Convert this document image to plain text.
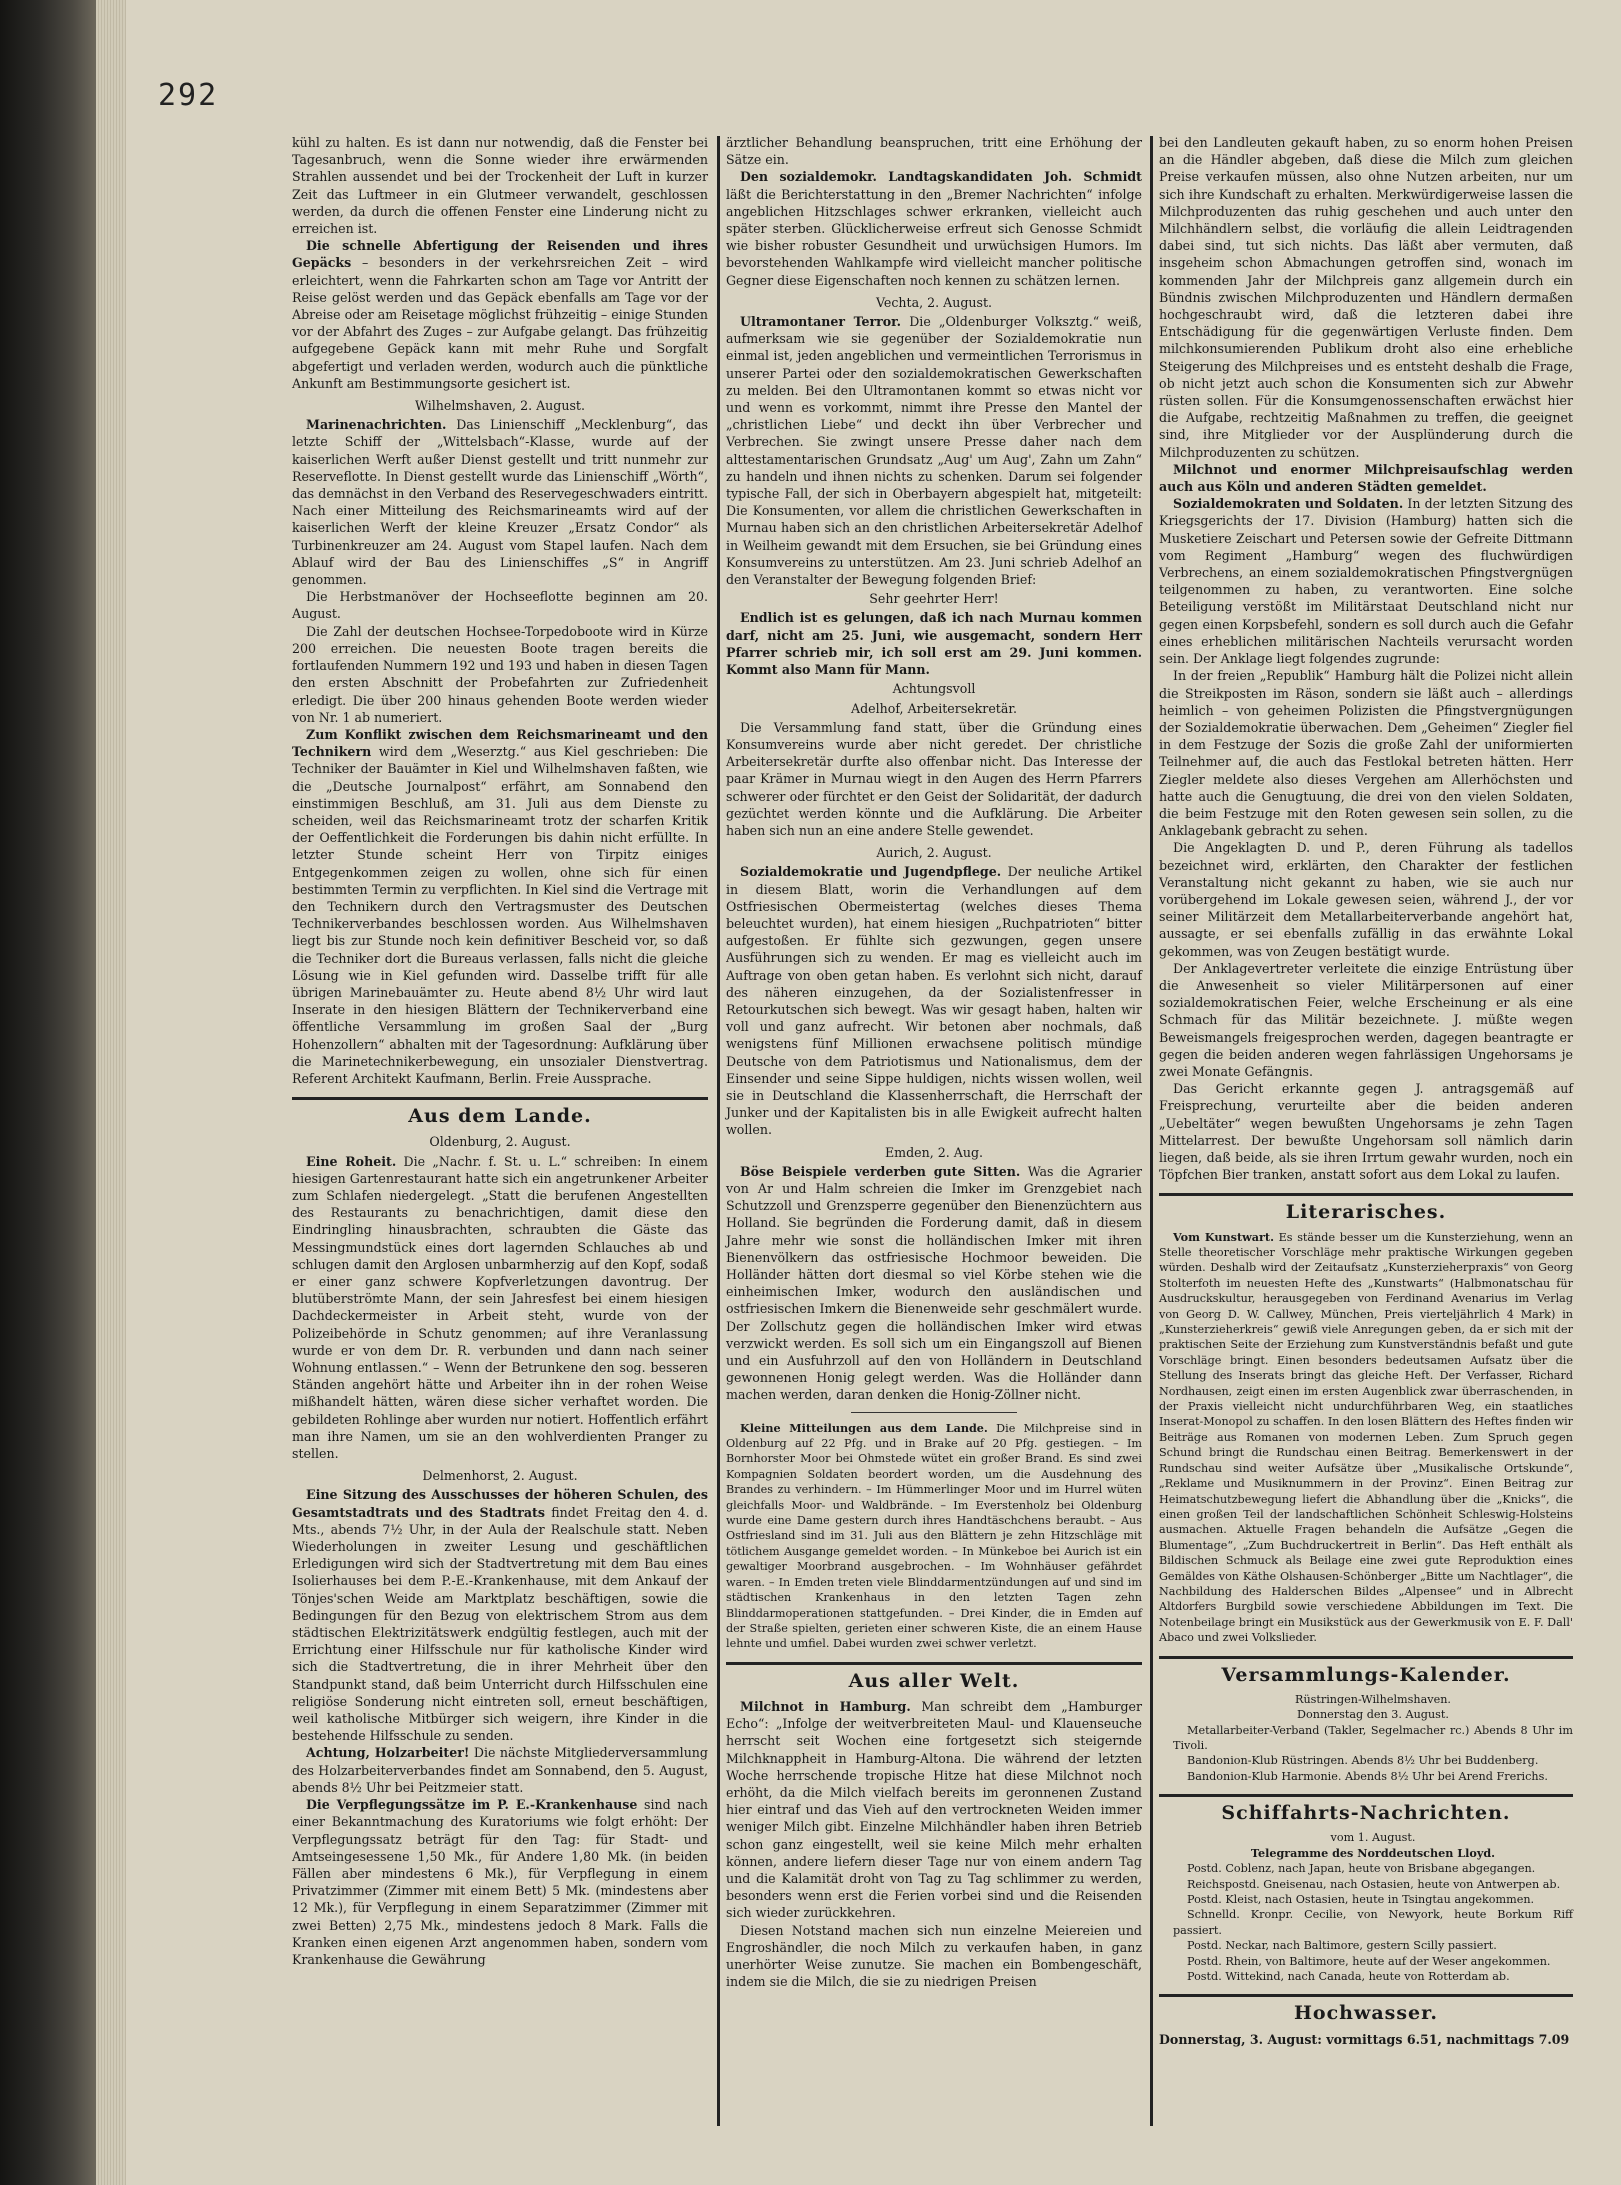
292

kühl zu halten. Es ist dann nur notwendig, daß die Fenster bei Tagesanbruch, wenn die Sonne wieder ihre erwärmenden Strahlen aussendet und bei der Trockenheit der Luft in kurzer Zeit das Luftmeer in ein Glutmeer verwandelt, geschlossen werden, da durch die offenen Fenster eine Linderung nicht zu erreichen ist.

Die schnelle Abfertigung der Reisenden und ihres Gepäcks – besonders in der verkehrsreichen Zeit – wird erleichtert, wenn die Fahrkarten schon am Tage vor Antritt der Reise gelöst werden und das Gepäck ebenfalls am Tage vor der Abreise oder am Reisetage möglichst frühzeitig – einige Stunden vor der Abfahrt des Zuges – zur Aufgabe gelangt. Das frühzeitig aufgegebene Gepäck kann mit mehr Ruhe und Sorgfalt abgefertigt und verladen werden, wodurch auch die pünktliche Ankunft am Bestimmungsorte gesichert ist.

Wilhelmshaven, 2. August.

Marinenachrichten. Das Linienschiff „Mecklenburg“, das letzte Schiff der „Wittelsbach“-Klasse, wurde auf der kaiserlichen Werft außer Dienst gestellt und tritt nunmehr zur Reserveflotte. In Dienst gestellt wurde das Linienschiff „Wörth“, das demnächst in den Verband des Reservegeschwaders eintritt. Nach einer Mitteilung des Reichsmarineamts wird auf der kaiserlichen Werft der kleine Kreuzer „Ersatz Condor“ als Turbinenkreuzer am 24. August vom Stapel laufen. Nach dem Ablauf wird der Bau des Linienschiffes „S“ in Angriff genommen.

Die Herbstmanöver der Hochseeflotte beginnen am 20. August.

Die Zahl der deutschen Hochsee-Torpedoboote wird in Kürze 200 erreichen. Die neuesten Boote tragen bereits die fortlaufenden Nummern 192 und 193 und haben in diesen Tagen den ersten Abschnitt der Probefahrten zur Zufriedenheit erledigt. Die über 200 hinaus gehenden Boote werden wieder von Nr. 1 ab numeriert.

Zum Konflikt zwischen dem Reichsmarineamt und den Technikern wird dem „Weserztg.“ aus Kiel geschrieben: Die Techniker der Bauämter in Kiel und Wilhelmshaven faßten, wie die „Deutsche Journalpost“ erfährt, am Sonnabend den einstimmigen Beschluß, am 31. Juli aus dem Dienste zu scheiden, weil das Reichsmarineamt trotz der scharfen Kritik der Oeffentlichkeit die Forderungen bis dahin nicht erfüllte. In letzter Stunde scheint Herr von Tirpitz einiges Entgegenkommen zeigen zu wollen, ohne sich für einen bestimmten Termin zu verpflichten. In Kiel sind die Vertrage mit den Technikern durch den Vertragsmuster des Deutschen Technikerverbandes beschlossen worden. Aus Wilhelmshaven liegt bis zur Stunde noch kein definitiver Bescheid vor, so daß die Techniker dort die Bureaus verlassen, falls nicht die gleiche Lösung wie in Kiel gefunden wird. Dasselbe trifft für alle übrigen Marinebauämter zu. Heute abend 8½ Uhr wird laut Inserate in den hiesigen Blättern der Technikerverband eine öffentliche Versammlung im großen Saal der „Burg Hohenzollern“ abhalten mit der Tagesordnung: Aufklärung über die Marinetechnikerbewegung, ein unsozialer Dienstvertrag. Referent Architekt Kaufmann, Berlin. Freie Aussprache.

Aus dem Lande.
Oldenburg, 2. August.

Eine Roheit. Die „Nachr. f. St. u. L.“ schreiben: In einem hiesigen Gartenrestaurant hatte sich ein angetrunkener Arbeiter zum Schlafen niedergelegt. „Statt die berufenen Angestellten des Restaurants zu benachrichtigen, damit diese den Eindringling hinausbrachten, schraubten die Gäste das Messingmundstück eines dort lagernden Schlauches ab und schlugen damit den Arglosen unbarmherzig auf den Kopf, sodaß er einer ganz schwere Kopfverletzungen davontrug. Der blutüberströmte Mann, der sein Jahresfest bei einem hiesigen Dachdeckermeister in Arbeit steht, wurde von der Polizeibehörde in Schutz genommen; auf ihre Veranlassung wurde er von dem Dr. R. verbunden und dann nach seiner Wohnung entlassen.“ – Wenn der Betrunkene den sog. besseren Ständen angehört hätte und Arbeiter ihn in der rohen Weise mißhandelt hätten, wären diese sicher verhaftet worden. Die gebildeten Rohlinge aber wurden nur notiert. Hoffentlich erfährt man ihre Namen, um sie an den wohlverdienten Pranger zu stellen.

Delmenhorst, 2. August.

Eine Sitzung des Ausschusses der höheren Schulen, des Gesamtstadtrats und des Stadtrats findet Freitag den 4. d. Mts., abends 7½ Uhr, in der Aula der Realschule statt. Neben Wiederholungen in zweiter Lesung und geschäftlichen Erledigungen wird sich der Stadtvertretung mit dem Bau eines Isolierhauses bei dem P.-E.-Krankenhause, mit dem Ankauf der Tönjes'schen Weide am Marktplatz beschäftigen, sowie die Bedingungen für den Bezug von elektrischem Strom aus dem städtischen Elektrizitätswerk endgültig festlegen, auch mit der Errichtung einer Hilfsschule nur für katholische Kinder wird sich die Stadtvertretung, die in ihrer Mehrheit über den Standpunkt stand, daß beim Unterricht durch Hilfsschulen eine religiöse Sonderung nicht eintreten soll, erneut beschäftigen, weil katholische Mitbürger sich weigern, ihre Kinder in die bestehende Hilfsschule zu senden.

Achtung, Holzarbeiter! Die nächste Mitgliederversammlung des Holzarbeiterverbandes findet am Sonnabend, den 5. August, abends 8½ Uhr bei Peitzmeier statt.

Die Verpflegungssätze im P. E.-Krankenhause sind nach einer Bekanntmachung des Kuratoriums wie folgt erhöht: Der Verpflegungssatz beträgt für den Tag: für Stadt- und Amtseingesessene 1,50 Mk., für Andere 1,80 Mk. (in beiden Fällen aber mindestens 6 Mk.), für Verpflegung in einem Privatzimmer (Zimmer mit einem Bett) 5 Mk. (mindestens aber 12 Mk.), für Verpflegung in einem Separatzimmer (Zimmer mit zwei Betten) 2,75 Mk., mindestens jedoch 8 Mark. Falls die Kranken einen eigenen Arzt angenommen haben, sondern vom Krankenhause die Gewährung

ärztlicher Behandlung beanspruchen, tritt eine Erhöhung der Sätze ein.

Den sozialdemokr. Landtagskandidaten Joh. Schmidt läßt die Berichterstattung in den „Bremer Nachrichten“ infolge angeblichen Hitzschlages schwer erkranken, vielleicht auch später sterben. Glücklicherweise erfreut sich Genosse Schmidt wie bisher robuster Gesundheit und urwüchsigen Humors. Im bevorstehenden Wahlkampfe wird vielleicht mancher politische Gegner diese Eigenschaften noch kennen zu schätzen lernen.

Vechta, 2. August.

Ultramontaner Terror. Die „Oldenburger Volksztg.“ weiß, aufmerksam wie sie gegenüber der Sozialdemokratie nun einmal ist, jeden angeblichen und vermeintlichen Terrorismus in unserer Partei oder den sozialdemokratischen Gewerkschaften zu melden. Bei den Ultramontanen kommt so etwas nicht vor und wenn es vorkommt, nimmt ihre Presse den Mantel der „christlichen Liebe“ und deckt ihn über Verbrecher und Verbrechen. Sie zwingt unsere Presse daher nach dem alttestamentarischen Grundsatz „Aug' um Aug', Zahn um Zahn“ zu handeln und ihnen nichts zu schenken. Darum sei folgender typische Fall, der sich in Oberbayern abgespielt hat, mitgeteilt: Die Konsumenten, vor allem die christlichen Gewerkschaften in Murnau haben sich an den christlichen Arbeitersekretär Adelhof in Weilheim gewandt mit dem Ersuchen, sie bei Gründung eines Konsumvereins zu unterstützen. Am 23. Juni schrieb Adelhof an den Veranstalter der Bewegung folgenden Brief:

Sehr geehrter Herr!

Endlich ist es gelungen, daß ich nach Murnau kommen darf, nicht am 25. Juni, wie ausgemacht, sondern Herr Pfarrer schrieb mir, ich soll erst am 29. Juni kommen. Kommt also Mann für Mann.

Achtungsvoll
Adelhof, Arbeitersekretär.

Die Versammlung fand statt, über die Gründung eines Konsumvereins wurde aber nicht geredet. Der christliche Arbeitersekretär durfte also offenbar nicht. Das Interesse der paar Krämer in Murnau wiegt in den Augen des Herrn Pfarrers schwerer oder fürchtet er den Geist der Solidarität, der dadurch gezüchtet werden könnte und die Aufklärung. Die Arbeiter haben sich nun an eine andere Stelle gewendet.

Aurich, 2. August.

Sozialdemokratie und Jugendpflege. Der neuliche Artikel in diesem Blatt, worin die Verhandlungen auf dem Ostfriesischen Obermeistertag (welches dieses Thema beleuchtet wurden), hat einem hiesigen „Ruchpatrioten“ bitter aufgestoßen. Er fühlte sich gezwungen, gegen unsere Ausführungen sich zu wenden. Er mag es vielleicht auch im Auftrage von oben getan haben. Es verlohnt sich nicht, darauf des näheren einzugehen, da der Sozialistenfresser in Retourkutschen sich bewegt. Was wir gesagt haben, halten wir voll und ganz aufrecht. Wir betonen aber nochmals, daß wenigstens fünf Millionen erwachsene politisch mündige Deutsche von dem Patriotismus und Nationalismus, dem der Einsender und seine Sippe huldigen, nichts wissen wollen, weil sie in Deutschland die Klassenherrschaft, die Herrschaft der Junker und der Kapitalisten bis in alle Ewigkeit aufrecht halten wollen.

Emden, 2. Aug.

Böse Beispiele verderben gute Sitten. Was die Agrarier von Ar und Halm schreien die Imker im Grenzgebiet nach Schutzzoll und Grenzsperre gegenüber den Bienenzüchtern aus Holland. Sie begründen die Forderung damit, daß in diesem Jahre mehr wie sonst die holländischen Imker mit ihren Bienenvölkern das ostfriesische Hochmoor beweiden. Die Holländer hätten dort diesmal so viel Körbe stehen wie die einheimischen Imker, wodurch den ausländischen und ostfriesischen Imkern die Bienenweide sehr geschmälert wurde. Der Zollschutz gegen die holländischen Imker wird etwas verzwickt werden. Es soll sich um ein Eingangszoll auf Bienen und ein Ausfuhrzoll auf den von Holländern in Deutschland gewonnenen Honig gelegt werden. Was die Holländer dann machen werden, daran denken die Honig-Zöllner nicht.

Kleine Mitteilungen aus dem Lande. Die Milchpreise sind in Oldenburg auf 22 Pfg. und in Brake auf 20 Pfg. gestiegen. – Im Bornhorster Moor bei Ohmstede wütet ein großer Brand. Es sind zwei Kompagnien Soldaten beordert worden, um die Ausdehnung des Brandes zu verhindern. – Im Hümmerlinger Moor und im Hurrel wüten gleichfalls Moor- und Waldbrände. – Im Everstenholz bei Oldenburg wurde eine Dame gestern durch ihres Handtäschchens beraubt. – Aus Ostfriesland sind im 31. Juli aus den Blättern je zehn Hitzschläge mit tötlichem Ausgange gemeldet worden. – In Münkeboe bei Aurich ist ein gewaltiger Moorbrand ausgebrochen. – Im Wohnhäuser gefährdet waren. – In Emden treten viele Blinddarmentzündungen auf und sind im städtischen Krankenhaus in den letzten Tagen zehn Blinddarmoperationen stattgefunden. – Drei Kinder, die in Emden auf der Straße spielten, gerieten einer schweren Kiste, die an einem Hause lehnte und umfiel. Dabei wurden zwei schwer verletzt.

Aus aller Welt.

Milchnot in Hamburg. Man schreibt dem „Hamburger Echo“: „Infolge der weitverbreiteten Maul- und Klauenseuche herrscht seit Wochen eine fortgesetzt sich steigernde Milchknappheit in Hamburg-Altona. Die während der letzten Woche herrschende tropische Hitze hat diese Milchnot noch erhöht, da die Milch vielfach bereits im geronnenen Zustand hier eintraf und das Vieh auf den vertrockneten Weiden immer weniger Milch gibt. Einzelne Milchhändler haben ihren Betrieb schon ganz eingestellt, weil sie keine Milch mehr erhalten können, andere liefern dieser Tage nur von einem andern Tag und die Kalamität droht von Tag zu Tag schlimmer zu werden, besonders wenn erst die Ferien vorbei sind und die Reisenden sich wieder zurückkehren.

Diesen Notstand machen sich nun einzelne Meiereien und Engroshändler, die noch Milch zu verkaufen haben, in ganz unerhörter Weise zunutze. Sie machen ein Bombengeschäft, indem sie die Milch, die sie zu niedrigen Preisen

bei den Landleuten gekauft haben, zu so enorm hohen Preisen an die Händler abgeben, daß diese die Milch zum gleichen Preise verkaufen müssen, also ohne Nutzen arbeiten, nur um sich ihre Kundschaft zu erhalten. Merkwürdigerweise lassen die Milchproduzenten das ruhig geschehen und auch unter den Milchhändlern selbst, die vorläufig die allein Leidtragenden dabei sind, tut sich nichts. Das läßt aber vermuten, daß insgeheim schon Abmachungen getroffen sind, wonach im kommenden Jahr der Milchpreis ganz allgemein durch ein Bündnis zwischen Milchproduzenten und Händlern dermaßen hochgeschraubt wird, daß die letzteren dabei ihre Entschädigung für die gegenwärtigen Verluste finden. Dem milchkonsumierenden Publikum droht also eine erhebliche Steigerung des Milchpreises und es entsteht deshalb die Frage, ob nicht jetzt auch schon die Konsumenten sich zur Abwehr rüsten sollen. Für die Konsumgenossenschaften erwächst hier die Aufgabe, rechtzeitig Maßnahmen zu treffen, die geeignet sind, ihre Mitglieder vor der Ausplünderung durch die Milchproduzenten zu schützen.

Milchnot und enormer Milchpreisaufschlag werden auch aus Köln und anderen Städten gemeldet.

Sozialdemokraten und Soldaten. In der letzten Sitzung des Kriegsgerichts der 17. Division (Hamburg) hatten sich die Musketiere Zeischart und Petersen sowie der Gefreite Dittmann vom Regiment „Hamburg“ wegen des fluchwürdigen Verbrechens, an einem sozialdemokratischen Pfingstvergnügen teilgenommen zu haben, zu verantworten. Eine solche Beteiligung verstößt im Militärstaat Deutschland nicht nur gegen einen Korpsbefehl, sondern es soll durch auch die Gefahr eines erheblichen militärischen Nachteils verursacht worden sein. Der Anklage liegt folgendes zugrunde:

In der freien „Republik“ Hamburg hält die Polizei nicht allein die Streikposten im Räson, sondern sie läßt auch – allerdings heimlich – von geheimen Polizisten die Pfingstvergnügungen der Sozialdemokratie überwachen. Dem „Geheimen“ Ziegler fiel in dem Festzuge der Sozis die große Zahl der uniformierten Teilnehmer auf, die auch das Festlokal betreten hätten. Herr Ziegler meldete also dieses Vergehen am Allerhöchsten und hatte auch die Genugtuung, die drei von den vielen Soldaten, die beim Festzuge mit den Roten gewesen sein sollen, zu die Anklagebank gebracht zu sehen.

Die Angeklagten D. und P., deren Führung als tadellos bezeichnet wird, erklärten, den Charakter der festlichen Veranstaltung nicht gekannt zu haben, wie sie auch nur vorübergehend im Lokale gewesen seien, während J., der vor seiner Militärzeit dem Metallarbeiterverbande angehört hat, aussagte, er sei ebenfalls zufällig in das erwähnte Lokal gekommen, was von Zeugen bestätigt wurde.

Der Anklagevertreter verleitete die einzige Entrüstung über die Anwesenheit so vieler Militärpersonen auf einer sozialdemokratischen Feier, welche Erscheinung er als eine Schmach für das Militär bezeichnete. J. müßte wegen Beweismangels freigesprochen werden, dagegen beantragte er gegen die beiden anderen wegen fahrlässigen Ungehorsams je zwei Monate Gefängnis.

Das Gericht erkannte gegen J. antragsgemäß auf Freisprechung, verurteilte aber die beiden anderen „Uebeltäter“ wegen bewußten Ungehorsams je zehn Tagen Mittelarrest. Der bewußte Ungehorsam soll nämlich darin liegen, daß beide, als sie ihren Irrtum gewahr wurden, noch ein Töpfchen Bier tranken, anstatt sofort aus dem Lokal zu laufen.

Literarisches.

Vom Kunstwart. Es stände besser um die Kunsterziehung, wenn an Stelle theoretischer Vorschläge mehr praktische Wirkungen gegeben würden. Deshalb wird der Zeitaufsatz „Kunsterzieherpraxis“ von Georg Stolterfoth im neuesten Hefte des „Kunstwarts“ (Halbmonatschau für Ausdruckskultur, herausgegeben von Ferdinand Avenarius im Verlag von Georg D. W. Callwey, München, Preis vierteljährlich 4 Mark) in „Kunsterzieherkreis“ gewiß viele Anregungen geben, da er sich mit der praktischen Seite der Erziehung zum Kunstverständnis befaßt und gute Vorschläge bringt. Einen besonders bedeutsamen Aufsatz über die Stellung des Inserats bringt das gleiche Heft. Der Verfasser, Richard Nordhausen, zeigt einen im ersten Augenblick zwar überraschenden, in der Praxis vielleicht nicht undurchführbaren Weg, ein staatliches Inserat-Monopol zu schaffen. In den losen Blättern des Heftes finden wir Beiträge aus Romanen von modernen Leben. Zum Spruch gegen Schund bringt die Rundschau einen Beitrag. Bemerkenswert in der Rundschau sind weiter Aufsätze über „Musikalische Ortskunde“, „Reklame und Musiknummern in der Provinz“. Einen Beitrag zur Heimatschutzbewegung liefert die Abhandlung über die „Knicks“, die einen großen Teil der landschaftlichen Schönheit Schleswig-Holsteins ausmachen. Aktuelle Fragen behandeln die Aufsätze „Gegen die Blumentage“, „Zum Buchdruckertreit in Berlin“. Das Heft enthält als Bildischen Schmuck als Beilage eine zwei gute Reproduktion eines Gemäldes von Käthe Olshausen-Schönberger „Bitte um Nachtlager“, die Nachbildung des Halderschen Bildes „Alpensee“ und in Albrecht Altdorfers Burgbild sowie verschiedene Abbildungen im Text. Die Notenbeilage bringt ein Musikstück aus der Gewerkmusik von E. F. Dall' Abaco und zwei Volkslieder.

Versammlungs-Kalender.

Rüstringen-Wilhelmshaven.

Donnerstag den 3. August.

Metallarbeiter-Verband (Takler, Segelmacher rc.) Abends 8 Uhr im Tivoli.

Bandonion-Klub Rüstringen. Abends 8½ Uhr bei Buddenberg.

Bandonion-Klub Harmonie. Abends 8½ Uhr bei Arend Frerichs.

Schiffahrts-Nachrichten.

vom 1. August.

Telegramme des Norddeutschen Lloyd.

Postd. Coblenz, nach Japan, heute von Brisbane abgegangen.

Reichspostd. Gneisenau, nach Ostasien, heute von Antwerpen ab.

Postd. Kleist, nach Ostasien, heute in Tsingtau angekommen.

Schnelld. Kronpr. Cecilie, von Newyork, heute Borkum Riff passiert.

Postd. Neckar, nach Baltimore, gestern Scilly passiert.

Postd. Rhein, von Baltimore, heute auf der Weser angekommen.

Postd. Wittekind, nach Canada, heute von Rotterdam ab.

Hochwasser.

Donnerstag, 3. August: vormittags 6.51, nachmittags 7.09
